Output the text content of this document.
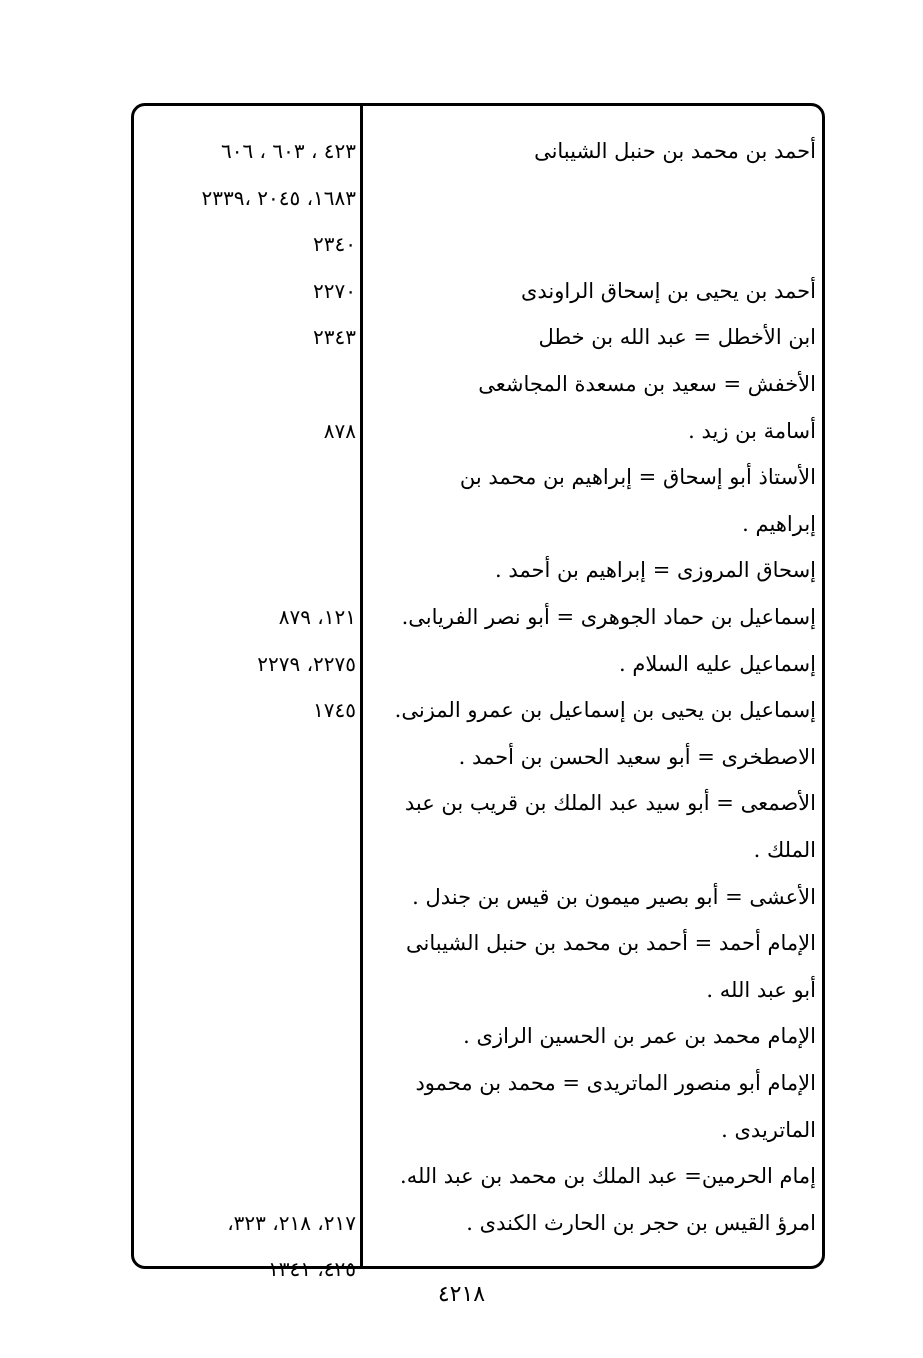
أحمد بن محمد بن حنبل الشيبانى
٤٢٣ ، ٦٠٣ ، ٦٠٦
١٦٨٣، ٢٠٤٥ ،٢٣٣٩
٢٣٤٠
أحمد بن يحيى بن إسحاق الراوندى
٢٢٧٠
ابن الأخطل = عبد الله بن خطل
٢٣٤٣
الأخفش = سعيد بن مسعدة المجاشعى
أسامة بن زيد .
٨٧٨
الأستاذ أبو إسحاق = إبراهيم بن محمد بن
إبراهيم .
إسحاق المروزى = إبراهيم بن أحمد .
إسماعيل بن حماد الجوهرى = أبو نصر الفريابى.
١٢١، ٨٧٩
إسماعيل عليه السلام .
٢٢٧٥، ٢٢٧٩
إسماعيل بن يحيى بن إسماعيل بن عمرو المزنى.
١٧٤٥
الاصطخرى = أبو سعيد الحسن بن أحمد .
الأصمعى = أبو سيد عبد الملك بن قريب بن عبد
الملك .
الأعشى = أبو بصير ميمون بن قيس بن جندل .
الإمام أحمد = أحمد بن محمد بن حنبل الشيبانى
أبو عبد الله .
الإمام محمد بن عمر بن الحسين الرازى .
الإمام أبو منصور الماتريدى = محمد بن محمود
الماتريدى .
إمام الحرمين= عبد الملك بن محمد بن عبد الله.
امرؤ القيس بن حجر بن الحارث الكندى .
٢١٧، ٢١٨، ٣٢٣،
٤٢٥، ١٣٤١
٤٢١٨
